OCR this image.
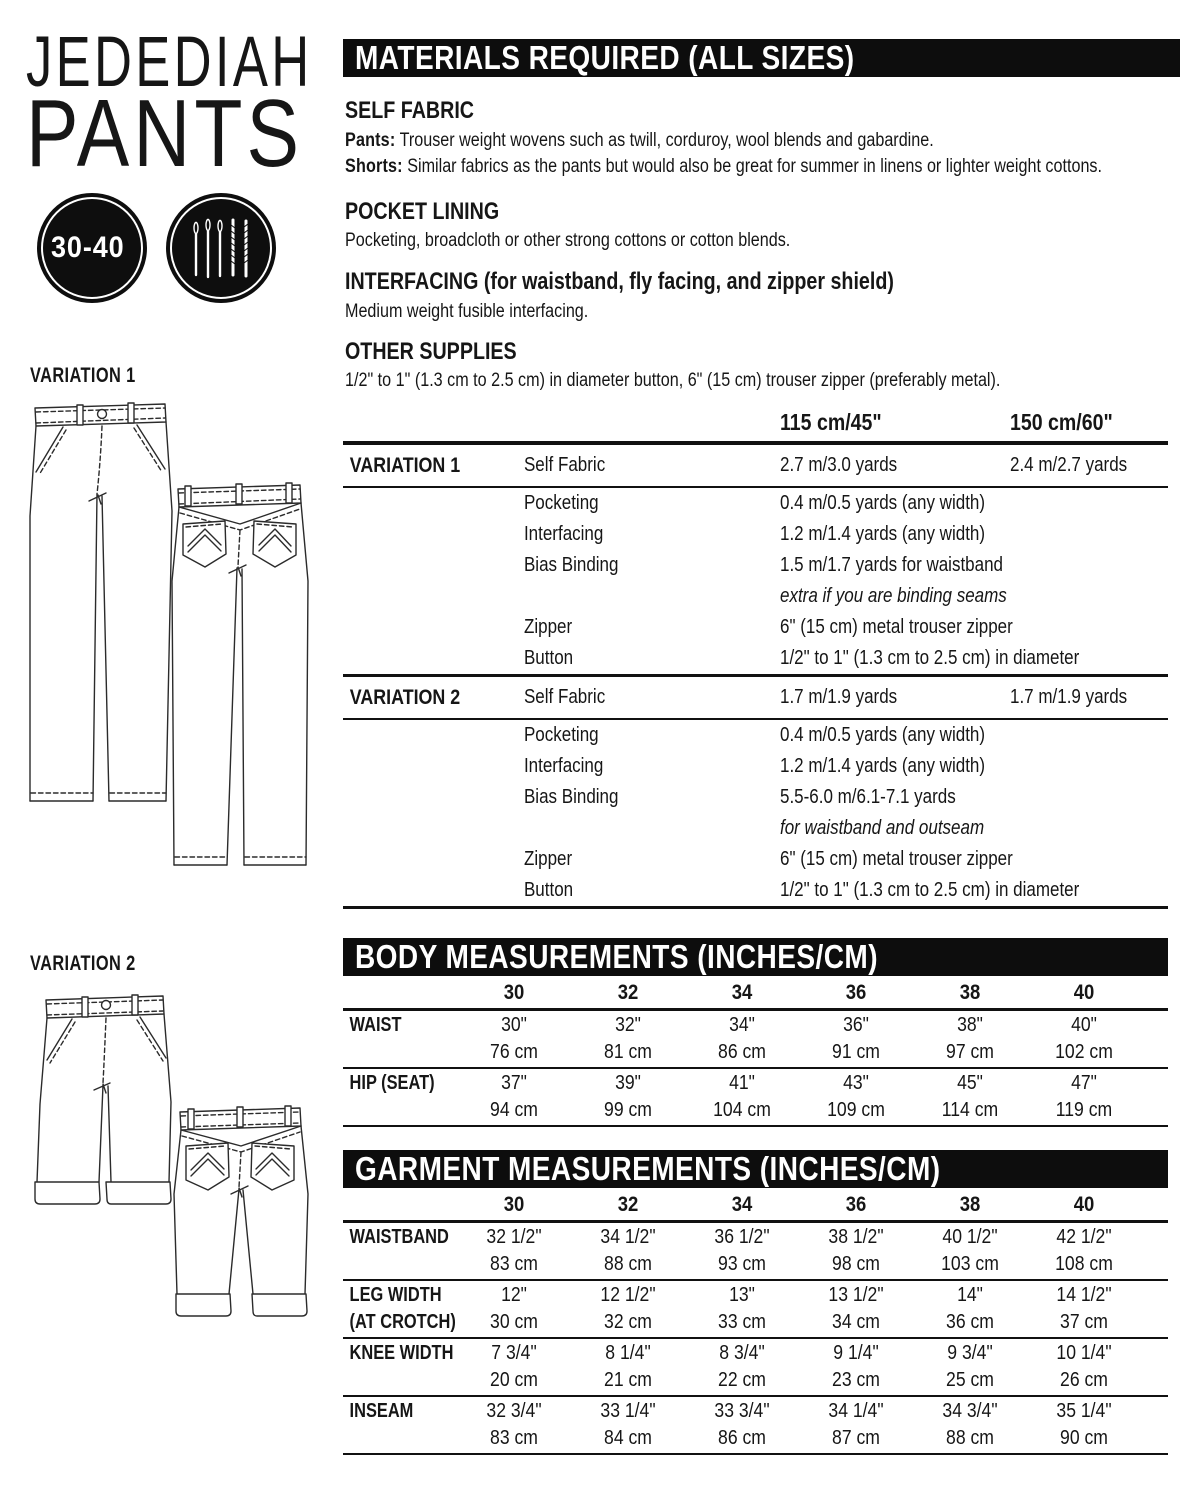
JEDEDIAH
PANTS
30-40
VARIATION 1
VARIATION 2
MATERIALS REQUIRED (ALL SIZES)
SELF FABRIC
Pants: Trouser weight wovens such as twill, corduroy, wool blends and gabardine.
Shorts: Similar fabrics as the pants but would also be great for summer in linens or lighter weight cottons.
POCKET LINING
Pocketing, broadcloth or other strong cottons or cotton blends.
INTERFACING (for waistband, fly facing, and zipper shield)
Medium weight fusible interfacing.
OTHER SUPPLIES
1/2" to 1" (1.3 cm to 2.5 cm) in diameter button, 6" (15 cm) trouser zipper (preferably metal).
115 cm/45"	150 cm/60"
VARIATION 1	Self Fabric	2.7 m/3.0 yards	2.4 m/2.7 yards
Pocketing	0.4 m/0.5 yards (any width)
Interfacing	1.2 m/1.4 yards (any width)
Bias Binding	1.5 m/1.7 yards for waistband
extra if you are binding seams
Zipper	6" (15 cm) metal trouser zipper
Button	1/2" to 1" (1.3 cm to 2.5 cm) in diameter
VARIATION 2	Self Fabric	1.7 m/1.9 yards	1.7 m/1.9 yards
Pocketing	0.4 m/0.5 yards (any width)
Interfacing	1.2 m/1.4 yards (any width)
Bias Binding	5.5-6.0 m/6.1-7.1 yards
for waistband and outseam
Zipper	6" (15 cm) metal trouser zipper
Button	1/2" to 1" (1.3 cm to 2.5 cm) in diameter
BODY MEASUREMENTS (INCHES/CM)
30	32	34	36	38	40
WAIST	30"	32"	34"	36"	38"	40"
76 cm	81 cm	86 cm	91 cm	97 cm	102 cm
HIP (SEAT)	37"	39"	41"	43"	45"	47"
94 cm	99 cm	104 cm	109 cm	114 cm	119 cm
GARMENT MEASUREMENTS (INCHES/CM)
30	32	34	36	38	40
WAISTBAND	32 1/2"	34 1/2"	36 1/2"	38 1/2"	40 1/2"	42 1/2"
83 cm	88 cm	93 cm	98 cm	103 cm	108 cm
LEG WIDTH	12"	12 1/2"	13"	13 1/2"	14"	14 1/2"
(AT CROTCH)	30 cm	32 cm	33 cm	34 cm	36 cm	37 cm
KNEE WIDTH	7 3/4"	8 1/4"	8 3/4"	9 1/4"	9 3/4"	10 1/4"
20 cm	21 cm	22 cm	23 cm	25 cm	26 cm
INSEAM	32 3/4"	33 1/4"	33 3/4"	34 1/4"	34 3/4"	35 1/4"
83 cm	84 cm	86 cm	87 cm	88 cm	90 cm
